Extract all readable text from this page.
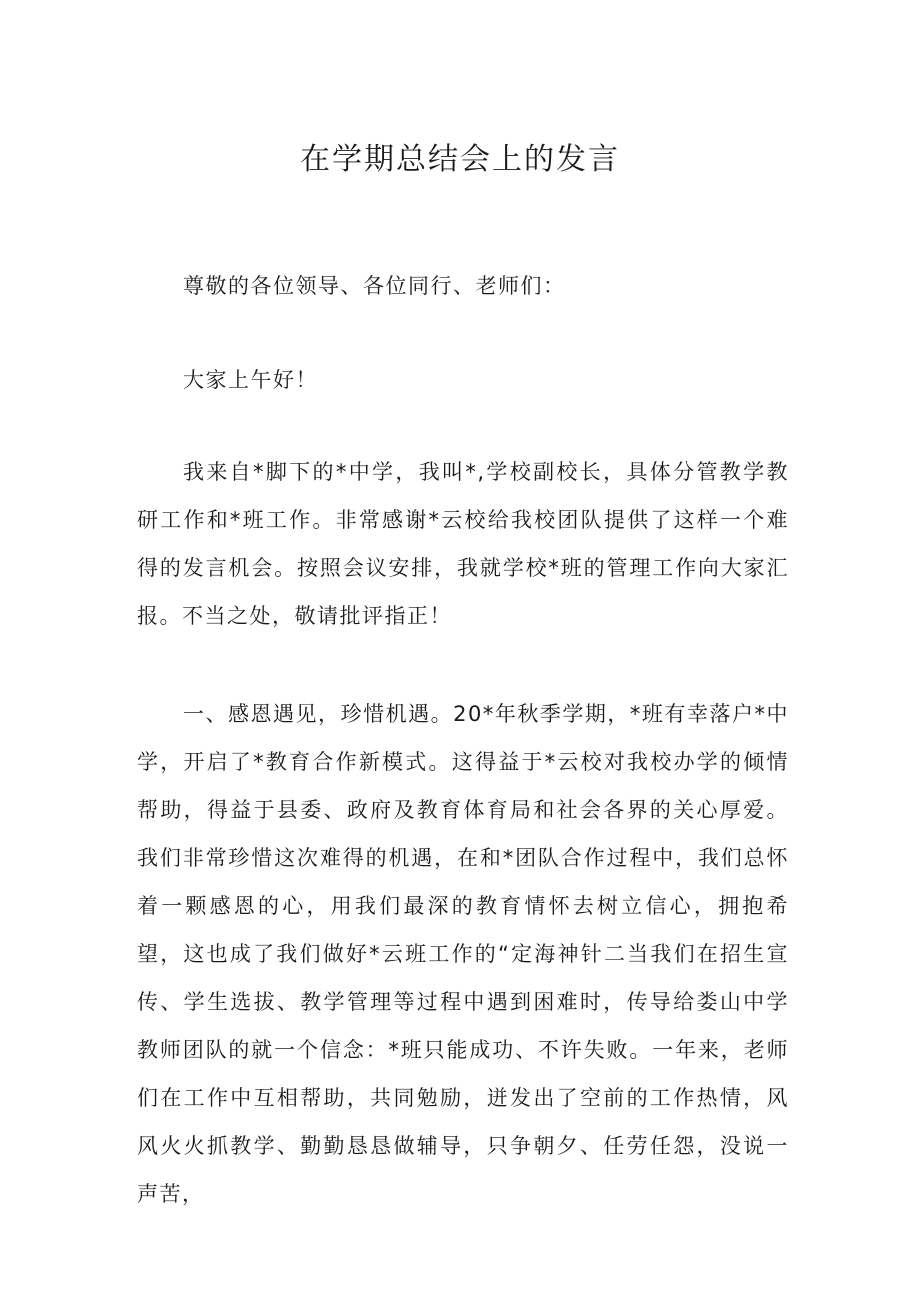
在学期总结会上的发言

尊敬的各位领导、各位同行、老师们：

大家上午好！

我来自*脚下的*中学，我叫*,学校副校长，具体分管教学教研工作和*班工作。非常感谢*云校给我校团队提供了这样一个难得的发言机会。按照会议安排，我就学校*班的管理工作向大家汇报。不当之处，敬请批评指正！

一、感恩遇见，珍惜机遇。20*年秋季学期，*班有幸落户*中学，开启了*教育合作新模式。这得益于*云校对我校办学的倾情帮助，得益于县委、政府及教育体育局和社会各界的关心厚爱。我们非常珍惜这次难得的机遇，在和*团队合作过程中，我们总怀着一颗感恩的心，用我们最深的教育情怀去树立信心，拥抱希望，这也成了我们做好*云班工作的“定海神针二当我们在招生宣传、学生选拔、教学管理等过程中遇到困难时，传导给娄山中学教师团队的就一个信念：*班只能成功、不许失败。一年来，老师们在工作中互相帮助，共同勉励，迸发出了空前的工作热情，风风火火抓教学、勤勤恳恳做辅导，只争朝夕、任劳任怨，没说一声苦，
